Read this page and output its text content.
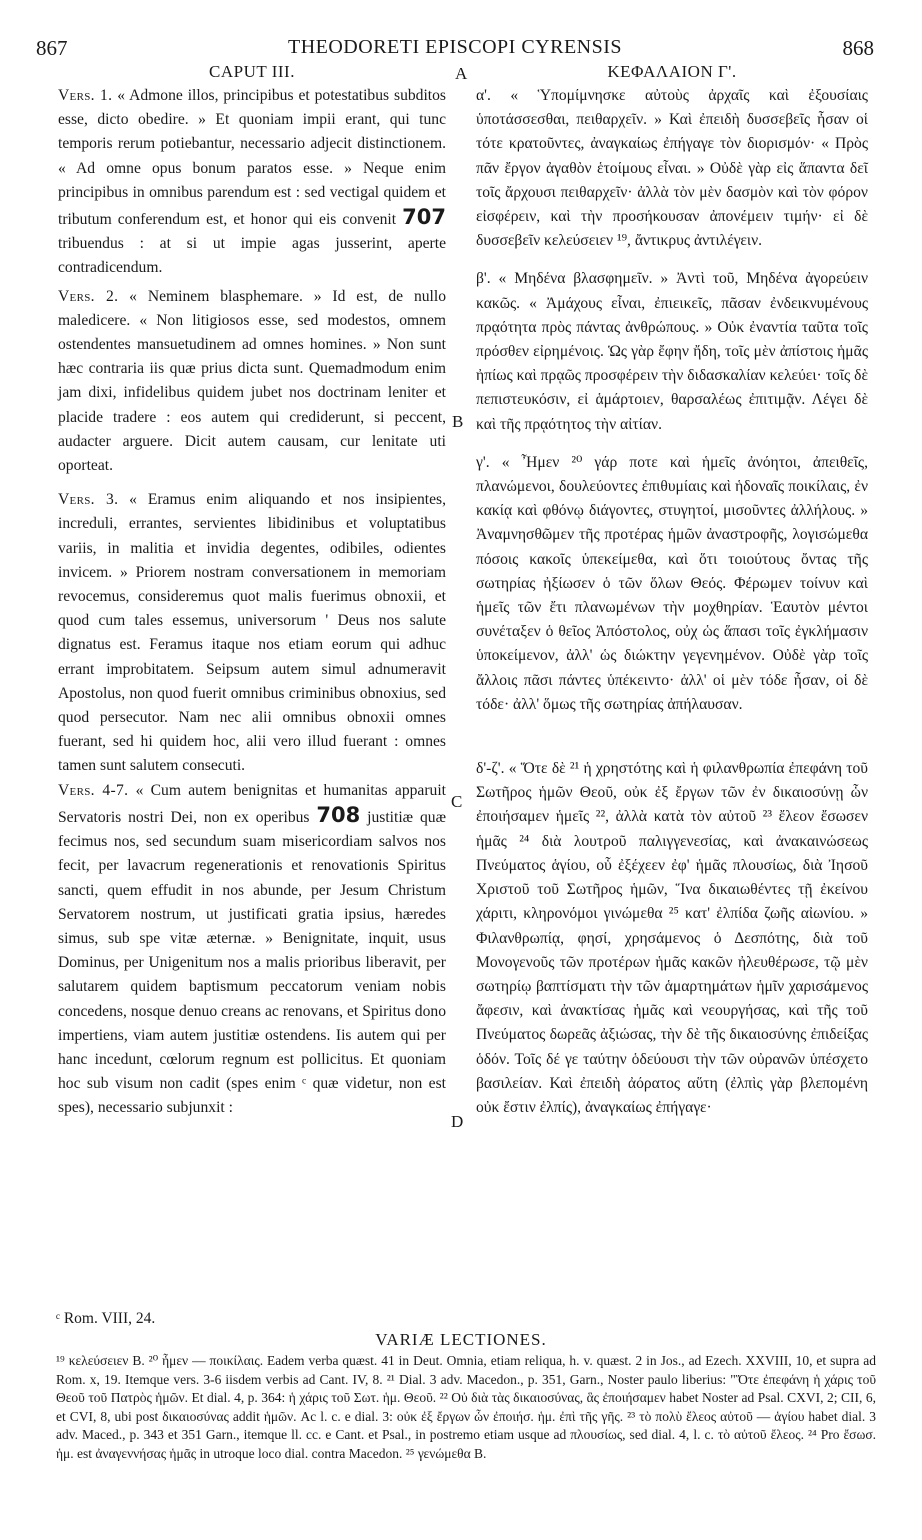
867	THEODORETI EPISCOPI CYRENSIS	868
A
B
C
D
CAPUT III.

Vers. 1. « Admone illos, principibus et potestatibus subditos esse, dicto obedire. » Et quoniam impii erant, qui tunc temporis rerum potiebantur, necessario adjecit distinctionem. « Ad omne opus bonum paratos esse. » Neque enim principibus in omnibus parendum est : sed vectigal quidem et tributum conferendum est, et honor qui eis convenit 707 tribuendus : at si ut impie agas jusserint, aperte contradicendum.

Vers. 2. « Neminem blasphemare. » Id est, de nullo maledicere. « Non litigiosos esse, sed modestos, omnem ostendentes mansuetudinem ad omnes homines. » Non sunt hæc contraria iis quæ prius dicta sunt. Quemadmodum enim jam dixi, infidelibus quidem jubet nos doctrinam leniter et placide tradere : eos autem qui crediderunt, si peccent, audacter arguere. Dicit autem causam, cur lenitate uti oporteat.

Vers. 3. « Eramus enim aliquando et nos insipientes, increduli, errantes, servientes libidinibus et voluptatibus variis, in malitia et invidia degentes, odibiles, odientes invicem. » Priorem nostram conversationem in memoriam revocemus, consideremus quot malis fuerimus obnoxii, et quod cum tales essemus, universorum ' Deus nos salute dignatus est. Feramus itaque nos etiam eorum qui adhuc errant improbitatem. Seipsum autem simul adnumeravit Apostolus, non quod fuerit omnibus criminibus obnoxius, sed quod persecutor. Nam nec alii omnibus obnoxii omnes fuerant, sed hi quidem hoc, alii vero illud fuerant : omnes tamen sunt salutem consecuti.

Vers. 4-7. « Cum autem benignitas et humanitas apparuit Servatoris nostri Dei, non ex operibus 708 justitiæ quæ fecimus nos, sed secundum suam misericordiam salvos nos fecit, per lavacrum regenerationis et renovationis Spiritus sancti, quem effudit in nos abunde, per Jesum Christum Servatorem nostrum, ut justificati gratia ipsius, hæredes simus, sub spe vitæ æternæ. » Benignitate, inquit, usus Dominus, per Unigenitum nos a malis prioribus liberavit, per salutarem quidem baptismum peccatorum veniam nobis concedens, nosque denuo creans ac renovans, et Spiritus dono impertiens, viam autem justitiæ ostendens. Iis autem qui per hanc incedunt, cœlorum regnum est pollicitus. Et quoniam hoc sub visum non cadit (spes enim ᶜ quæ videtur, non est spes), necessario subjunxit :

ΚΕΦΑΛΑΙΟΝ Γ'.

α'. « Ὑπομίμνησκε αὐτοὺς ἀρχαῖς καὶ ἐξουσίαις ὑποτάσσεσθαι, πειθαρχεῖν. » Καὶ ἐπειδὴ δυσσεβεῖς ἦσαν οἱ τότε κρατοῦντες, ἀναγκαίως ἐπήγαγε τὸν διορισμόν· « Πρὸς πᾶν ἔργον ἀγαθὸν ἑτοίμους εἶναι. » Οὐδὲ γὰρ εἰς ἅπαντα δεῖ τοῖς ἄρχουσι πειθαρχεῖν· ἀλλὰ τὸν μὲν δασμὸν καὶ τὸν φόρον εἰσφέρειν, καὶ τὴν προσήκουσαν ἀπονέμειν τιμήν· εἰ δὲ δυσσεβεῖν κελεύσειεν ¹⁹, ἄντικρυς ἀντιλέγειν.

β'. « Μηδένα βλασφημεῖν. » Ἀντὶ τοῦ, Μηδένα ἀγορεύειν κακῶς. « Ἀμάχους εἶναι, ἐπιεικεῖς, πᾶσαν ἐνδεικνυμένους πρᾳότητα πρὸς πάντας ἀνθρώπους. » Οὐκ ἐναντία ταῦτα τοῖς πρόσθεν εἰρημένοις. Ὡς γὰρ ἔφην ἤδη, τοῖς μὲν ἀπίστοις ἡμᾶς ἠπίως καὶ πρᾳῶς προσφέρειν τὴν διδασκαλίαν κελεύει· τοῖς δὲ πεπιστευκόσιν, εἰ ἁμάρτοιεν, θαρσαλέως ἐπιτιμᾷν. Λέγει δὲ καὶ τῆς πρᾳότητος τὴν αἰτίαν.

γ'. « Ἦμεν ²⁰ γάρ ποτε καὶ ἡμεῖς ἀνόητοι, ἀπειθεῖς, πλανώμενοι, δουλεύοντες ἐπιθυμίαις καὶ ἡδοναῖς ποικίλαις, ἐν κακίᾳ καὶ φθόνῳ διάγοντες, στυγητοί, μισοῦντες ἀλλήλους. » Ἀναμνησθῶμεν τῆς προτέρας ἡμῶν ἀναστροφῆς, λογισώμεθα πόσοις κακοῖς ὑπεκείμεθα, καὶ ὅτι τοιούτους ὄντας τῆς σωτηρίας ἠξίωσεν ὁ τῶν ὅλων Θεός. Φέρωμεν τοίνυν καὶ ἡμεῖς τῶν ἔτι πλανωμένων τὴν μοχθηρίαν. Ἑαυτὸν μέντοι συνέταξεν ὁ θεῖος Ἀπόστολος, οὐχ ὡς ἅπασι τοῖς ἐγκλήμασιν ὑποκείμενον, ἀλλ' ὡς διώκτην γεγενημένον. Οὐδὲ γὰρ τοῖς ἄλλοις πᾶσι πάντες ὑπέκειντο· ἀλλ' οἱ μὲν τόδε ἦσαν, οἱ δὲ τόδε· ἀλλ' ὅμως τῆς σωτηρίας ἀπήλαυσαν.

δ'-ζ'. « Ὅτε δὲ ²¹ ἡ χρηστότης καὶ ἡ φιλανθρωπία ἐπεφάνη τοῦ Σωτῆρος ἡμῶν Θεοῦ, οὐκ ἐξ ἔργων τῶν ἐν δικαιοσύνῃ ὧν ἐποιήσαμεν ἡμεῖς ²², ἀλλὰ κατὰ τὸν αὐτοῦ ²³ ἔλεον ἔσωσεν ἡμᾶς ²⁴ διὰ λουτροῦ παλιγγενεσίας, καὶ ἀνακαινώσεως Πνεύματος ἁγίου, οὗ ἐξέχεεν ἐφ' ἡμᾶς πλουσίως, διὰ Ἰησοῦ Χριστοῦ τοῦ Σωτῆρος ἡμῶν, Ἵνα δικαιωθέντες τῇ ἐκείνου χάριτι, κληρονόμοι γινώμεθα ²⁵ κατ' ἐλπίδα ζωῆς αἰωνίου. » Φιλανθρωπίᾳ, φησί, χρησάμενος ὁ Δεσπότης, διὰ τοῦ Μονογενοῦς τῶν προτέρων ἡμᾶς κακῶν ἠλευθέρωσε, τῷ μὲν σωτηρίῳ βαπτίσματι τὴν τῶν ἁμαρτημάτων ἡμῖν χαρισάμενος ἄφεσιν, καὶ ἀνακτίσας ἡμᾶς καὶ νεουργήσας, καὶ τῆς τοῦ Πνεύματος δωρεᾶς ἀξιώσας, τὴν δὲ τῆς δικαιοσύνης ἐπιδείξας ὁδόν. Τοῖς δέ γε ταύτην ὁδεύουσι τὴν τῶν οὐρανῶν ὑπέσχετο βασιλείαν. Καὶ ἐπειδὴ ἀόρατος αὕτη (ἐλπὶς γὰρ βλεπομένη οὐκ ἔστιν ἐλπίς), ἀναγκαίως ἐπήγαγε·

ᶜ Rom. VIII, 24.
VARIÆ LECTIONES.
¹⁹ κελεύσειεν B. ²⁰ ἦμεν — ποικίλαις. Eadem verba quæst. 41 in Deut. Omnia, etiam reliqua, h. v. quæst. 2 in Jos., ad Ezech. XXVIII, 10, et supra ad Rom. x, 19. Itemque vers. 3-6 iisdem verbis ad Cant. IV, 8. ²¹ Dial. 3 adv. Macedon., p. 351, Garn., Noster paulo liberius: "Ὅτε ἐπεφάνη ἡ χάρις τοῦ Θεοῦ τοῦ Πατρὸς ἡμῶν. Et dial. 4, p. 364: ἡ χάρις τοῦ Σωτ. ἡμ. Θεοῦ. ²² Οὐ διὰ τὰς δικαιοσύνας, ἃς ἐποιήσαμεν habet Noster ad Psal. CXVI, 2; CII, 6, et CVI, 8, ubi post δικαιοσύνας addit ἡμῶν. Ac l. c. e dial. 3: οὐκ ἐξ ἔργων ὧν ἐποιήσ. ἡμ. ἐπὶ τῆς γῆς. ²³ τὸ πολὺ ἔλεος αὐτοῦ — ἁγίου habet dial. 3 adv. Maced., p. 343 et 351 Garn., itemque ll. cc. e Cant. et Psal., in postremo etiam usque ad πλουσίως, sed dial. 4, l. c. τὸ αὐτοῦ ἔλεος. ²⁴ Pro ἔσωσ. ἡμ. est ἀναγεννήσας ἡμᾶς in utroque loco dial. contra Macedon. ²⁵ γενώμεθα B.
